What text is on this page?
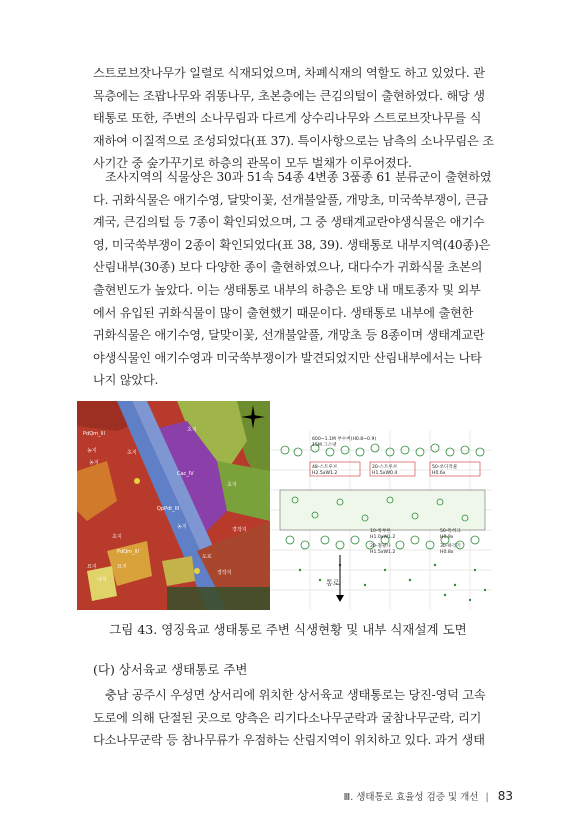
스트로브잣나무가 일렬로 식재되었으며, 차폐식재의 역할도 하고 있었다. 관
목층에는 조팝나무와 쥐똥나무, 초본층에는 큰김의털이 출현하였다. 해당 생
태통로 또한, 주변의 소나무림과 다르게 상수리나무와 스트로브잣나무를 식
재하여 이질적으로 조성되었다(표 37). 특이사항으로는 남측의 소나무림은 조
사기간 중 숲가꾸기로 하층의 관목이 모두 벌채가 이루어졌다.
조사지역의 식물상은 30과 51속 54종 4변종 3품종 61 분류군이 출현하였
다. 귀화식물은 애기수영, 달맞이꽃, 선개불알풀, 개망초, 미국쑥부쟁이, 큰금
계국, 큰김의털 등 7종이 확인되었으며, 그 중 생태계교란야생식물은 애기수
영, 미국쑥부쟁이 2종이 확인되었다(표 38, 39). 생태통로 내부지역(40종)은
산림내부(30종) 보다 다양한 종이 출현하였으나, 대다수가 귀화식물 초본의
출현빈도가 높았다. 이는 생태통로 내부의 하층은 토양 내 매토종자 및 외부
에서 유입된 귀화식물이 많이 출현했기 때문이다. 생태통로 내부에 출현한
귀화식물은 애기수영, 달맞이꽃, 선개불알풀, 개망초 등 8종이며 생태계교란
야생식물인 애기수영과 미국쑥부쟁이가 발견되었지만 산림내부에서는 나타
나지 않았다.
PdQm_III
농지	초지
농지
Cac_IV
초지
QpPdt_III
PdQm_III
초지
농지
도로
경작지
초지
나지
묘지	묘지
경작지
600~1.1M 부수버(H0.8~0.9)
15M 그스넷
48-스트루브
H2.5xW1.2
20-스트루브
H1.5xW0.4
50-쏘디작물
H0.6x
10-쑥부한
H1.0xW1.2
20-철광나
H1.5xW1.2
50-특히크
H0.9x
30-하리기
H0.8x
통로
그림 43. 영징육교 생태통로 주변 식생현황 및 내부 식재설계 도면
(다) 상서육교 생태통로 주변
충남 공주시 우성면 상서리에 위치한 상서육교 생태통로는 당진-영덕 고속
도로에 의해 단절된 곳으로 양측은 리기다소나무군락과 굴참나무군락, 리기
다소나무군락 등 참나무류가 우점하는 산림지역이 위치하고 있다. 과거 생태
Ⅲ. 생태통로 효율성 검증 및 개선 | 83
